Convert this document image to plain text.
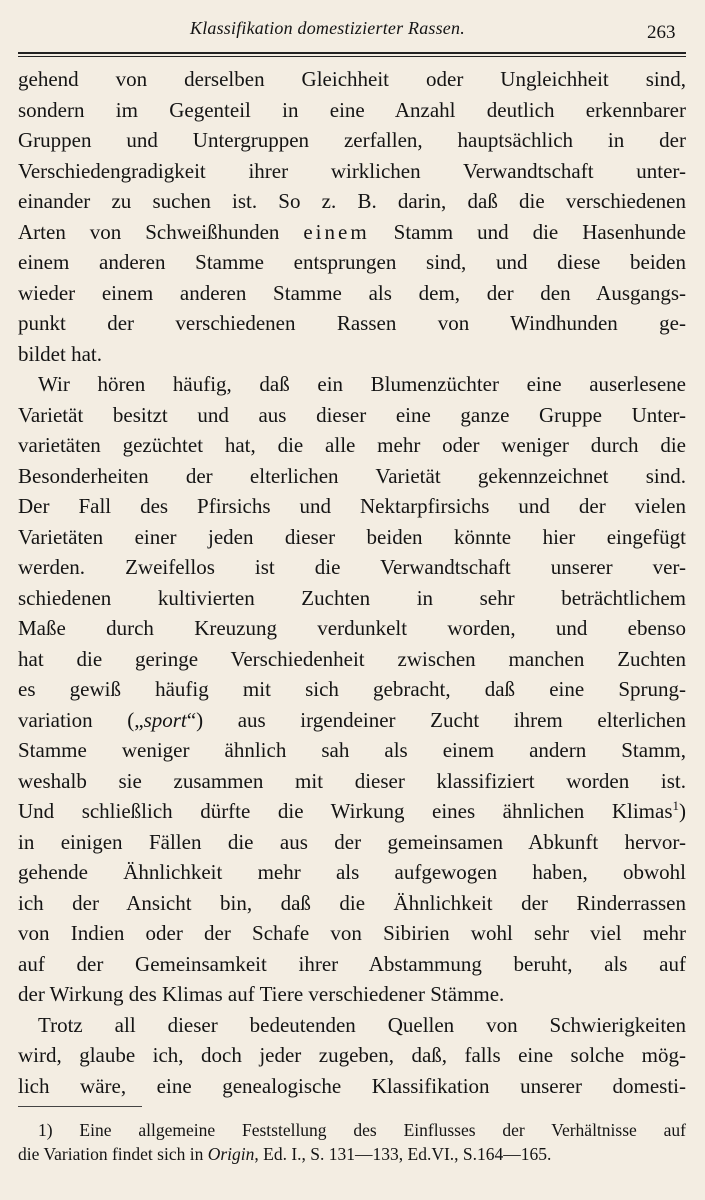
Klassifikation domestizierter Rassen.	263
gehend von derselben Gleichheit oder Ungleichheit sind,
sondern im Gegenteil in eine Anzahl deutlich erkennbarer
Gruppen und Untergruppen zerfallen, hauptsächlich in der
Verschiedengradigkeit ihrer wirklichen Verwandtschaft unter-
einander zu suchen ist. So z. B. darin, daß die verschiedenen
Arten von Schweißhunden einem Stamm und die Hasenhunde
einem anderen Stamme entsprungen sind, und diese beiden
wieder einem anderen Stamme als dem, der den Ausgangs-
punkt der verschiedenen Rassen von Windhunden ge-
bildet hat.
Wir hören häufig, daß ein Blumenzüchter eine auserlesene
Varietät besitzt und aus dieser eine ganze Gruppe Unter-
varietäten gezüchtet hat, die alle mehr oder weniger durch die
Besonderheiten der elterlichen Varietät gekennzeichnet sind.
Der Fall des Pfirsichs und Nektarpfirsichs und der vielen
Varietäten einer jeden dieser beiden könnte hier eingefügt
werden. Zweifellos ist die Verwandtschaft unserer ver-
schiedenen kultivierten Zuchten in sehr beträchtlichem
Maße durch Kreuzung verdunkelt worden, und ebenso
hat die geringe Verschiedenheit zwischen manchen Zuchten
es gewiß häufig mit sich gebracht, daß eine Sprung-
variation („sport“) aus irgendeiner Zucht ihrem elterlichen
Stamme weniger ähnlich sah als einem andern Stamm,
weshalb sie zusammen mit dieser klassifiziert worden ist.
Und schließlich dürfte die Wirkung eines ähnlichen Klimas$^1$)
in einigen Fällen die aus der gemeinsamen Abkunft hervor-
gehende Ähnlichkeit mehr als aufgewogen haben, obwohl
ich der Ansicht bin, daß die Ähnlichkeit der Rinderrassen
von Indien oder der Schafe von Sibirien wohl sehr viel mehr
auf der Gemeinsamkeit ihrer Abstammung beruht, als auf
der Wirkung des Klimas auf Tiere verschiedener Stämme.
Trotz all dieser bedeutenden Quellen von Schwierigkeiten
wird, glaube ich, doch jeder zugeben, daß, falls eine solche mög-
lich wäre, eine genealogische Klassifikation unserer domesti-
1) Eine allgemeine Feststellung des Einflusses der Verhältnisse auf
die Variation findet sich in Origin, Ed. I., S. 131—133, Ed.VI., S.164—165.
